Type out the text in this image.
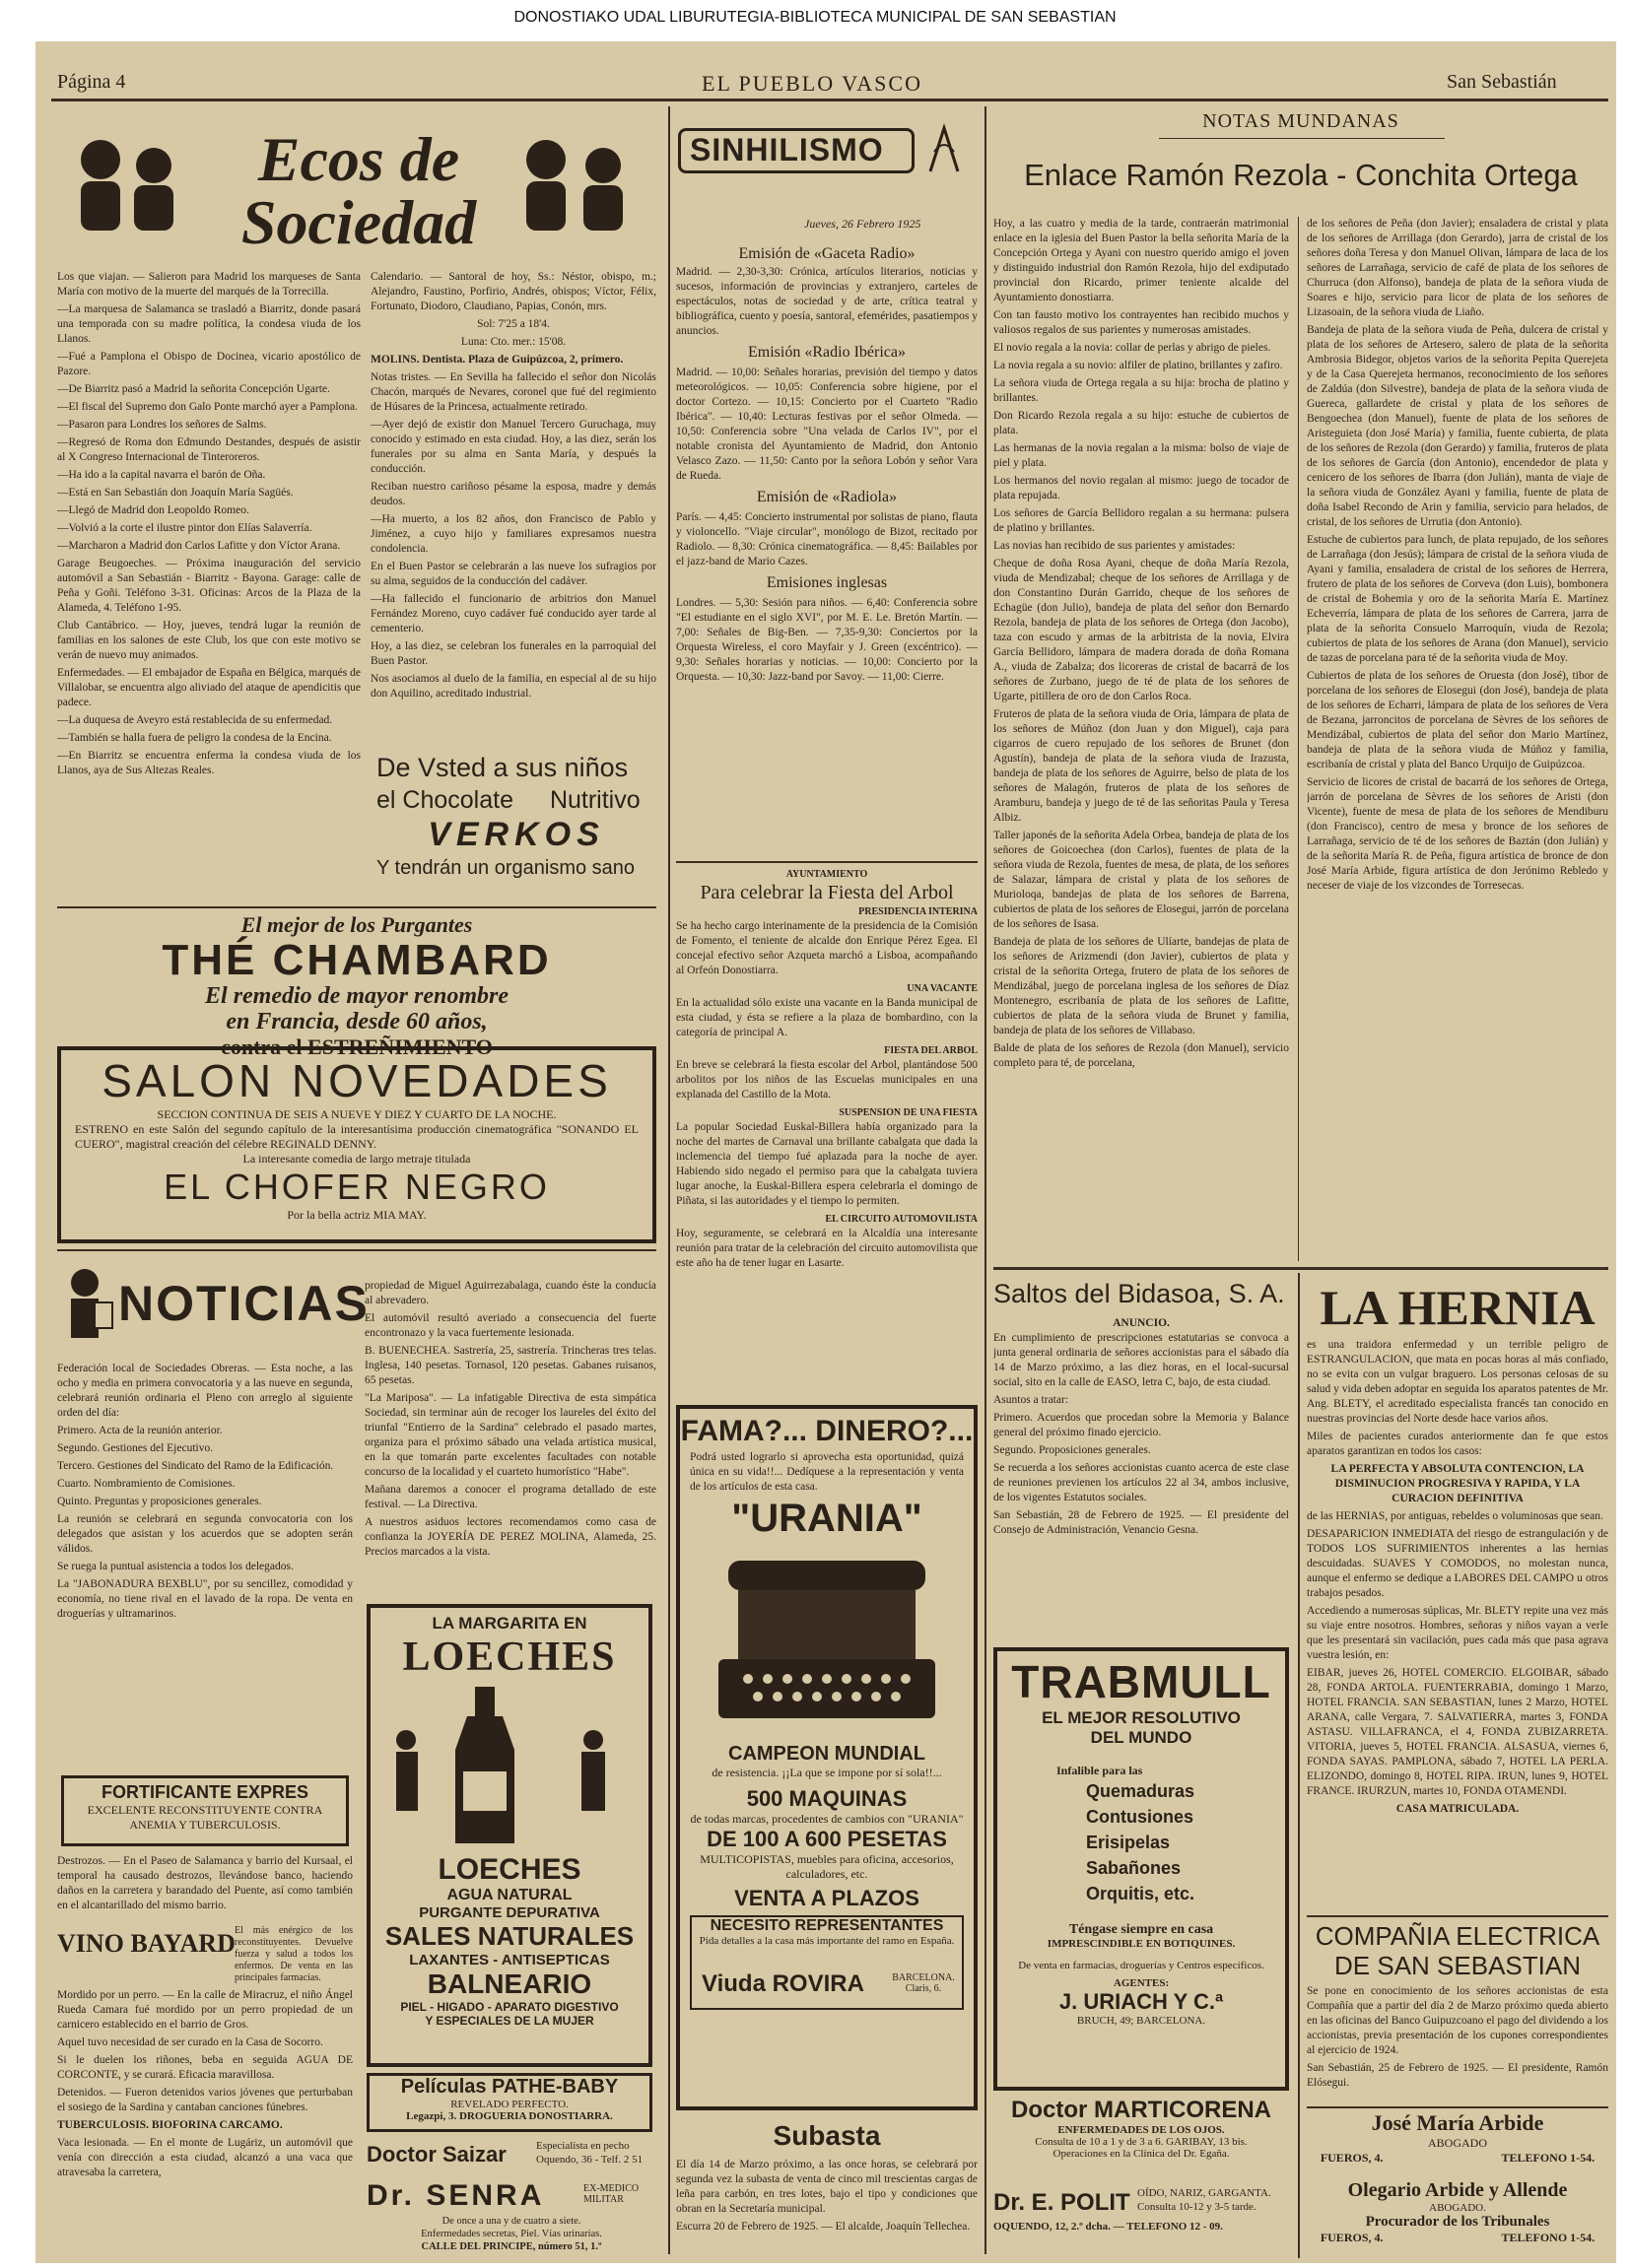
DONOSTIAKO UDAL LIBURUTEGIA-BIBLIOTECA MUNICIPAL DE SAN SEBASTIAN
Página 4	EL PUEBLO VASCO	San Sebastián
Ecos de Sociedad

Los que viajan. — Salieron para Madrid los marqueses de Santa María con motivo de la muerte del marqués de la Torrecilla.

—La marquesa de Salamanca se trasladó a Biarritz, donde pasará una temporada con su madre política, la condesa viuda de los Llanos.

—Fué a Pamplona el Obispo de Docinea, vicario apostólico de Pazore.

—De Biarritz pasó a Madrid la señorita Concepción Ugarte.

—El fiscal del Supremo don Galo Ponte marchó ayer a Pamplona.

—Pasaron para Londres los señores de Salms.

—Regresó de Roma don Edmundo Destandes, después de asistir al X Congreso Internacional de Tinteroreros.

—Ha ido a la capital navarra el barón de Oña.

—Está en San Sebastián don Joaquín María Sagüés.

—Llegó de Madrid don Leopoldo Romeo.

—Volvió a la corte el ilustre pintor don Elías Salaverría.

—Marcharon a Madrid don Carlos Lafitte y don Víctor Arana.

Garage Beugoeches. — Próxima inauguración del servicio automóvil a San Sebastián - Biarritz - Bayona. Garage: calle de Peña y Goñi. Teléfono 3-31. Oficinas: Arcos de la Plaza de la Alameda, 4. Teléfono 1-95.

Club Cantábrico. — Hoy, jueves, tendrá lugar la reunión de familias en los salones de este Club, los que con este motivo se verán de nuevo muy animados.

Enfermedades. — El embajador de España en Bélgica, marqués de Villalobar, se encuentra algo aliviado del ataque de apendicitis que padece.

—La duquesa de Aveyro está restablecida de su enfermedad.

—También se halla fuera de peligro la condesa de la Encina.

—En Biarritz se encuentra enferma la condesa viuda de los Llanos, aya de Sus Altezas Reales.

Calendario. — Santoral de hoy, Ss.: Néstor, obispo, m.; Alejandro, Faustino, Porfirio, Andrés, obispos; Víctor, Félix, Fortunato, Diodoro, Claudiano, Papias, Conón, mrs.

Sol: 7'25 a 18'4.

Luna: Cto. mer.: 15'08.

MOLINS. Dentista. Plaza de Guipúzcoa, 2, primero.

Notas tristes. — En Sevilla ha fallecido el señor don Nicolás Chacón, marqués de Nevares, coronel que fué del regimiento de Húsares de la Princesa, actualmente retirado.

—Ayer dejó de existir don Manuel Tercero Guruchaga, muy conocido y estimado en esta ciudad. Hoy, a las diez, serán los funerales por su alma en Santa María, y después la conducción.

Reciban nuestro cariñoso pésame la esposa, madre y demás deudos.

—Ha muerto, a los 82 años, don Francisco de Pablo y Jiménez, a cuyo hijo y familiares expresamos nuestra condolencia.

En el Buen Pastor se celebrarán a las nueve los sufragios por su alma, seguidos de la conducción del cadáver.

—Ha fallecido el funcionario de arbitrios don Manuel Fernández Moreno, cuyo cadáver fué conducido ayer tarde al cementerio.

Hoy, a las diez, se celebran los funerales en la parroquial del Buen Pastor.

Nos asociamos al duelo de la familia, en especial al de su hijo don Aquilino, acreditado industrial.

De Vsted a sus niños
el Chocolate Nutritivo
VERKOS
Y tendrán un organismo sano
El mejor de los Purgantes
THÉ CHAMBARD
El remedio de mayor renombre
en Francia, desde 60 años,
contra el ESTREÑIMIENTO
SALON NOVEDADES
SECCION CONTINUA DE SEIS A NUEVE Y DIEZ Y CUARTO DE LA NOCHE.
ESTRENO en este Salón del segundo capítulo de la interesantísima producción cinematográfica "SONANDO EL CUERO", magistral creación del célebre REGINALD DENNY.
La interesante comedia de largo metraje titulada
EL CHOFER NEGRO
Por la bella actriz MIA MAY.
NOTICIAS

Federación local de Sociedades Obreras. — Esta noche, a las ocho y media en primera convocatoria y a las nueve en segunda, celebrará reunión ordinaria el Pleno con arreglo al siguiente orden del día:

Primero. Acta de la reunión anterior.

Segundo. Gestiones del Ejecutivo.

Tercero. Gestiones del Sindicato del Ramo de la Edificación.

Cuarto. Nombramiento de Comisiones.

Quinto. Preguntas y proposiciones generales.

La reunión se celebrará en segunda convocatoria con los delegados que asistan y los acuerdos que se adopten serán válidos.

Se ruega la puntual asistencia a todos los delegados.

La "JABONADURA BEXBLU", por su sencillez, comodidad y economía, no tiene rival en el lavado de la ropa. De venta en droguerías y ultramarinos.

FORTIFICANTE EXPRES
EXCELENTE RECONSTITUYENTE CONTRA
ANEMIA Y TUBERCULOSIS.

Destrozos. — En el Paseo de Salamanca y barrio del Kursaal, el temporal ha causado destrozos, llevándose banco, haciendo daños en la carretera y barandado del Puente, así como también en el alcantarillado del mismo barrio.

VINO BAYARD El más enérgico de los reconstituyentes. Devuelve fuerza y salud a todos los enfermos. De venta en las principales farmacias.

Mordido por un perro. — En la calle de Miracruz, el niño Ángel Rueda Camara fué mordido por un perro propiedad de un carnicero establecido en el barrio de Gros.

Aquel tuvo necesidad de ser curado en la Casa de Socorro.

Si le duelen los riñones, beba en seguida AGUA DE CORCONTE, y se curará. Eficacia maravillosa.

Detenidos. — Fueron detenidos varios jóvenes que perturbaban el sosiego de la Sardina y cantaban canciones fúnebres.

TUBERCULOSIS. BIOFORINA CARCAMO.

Vaca lesionada. — En el monte de Lugáriz, un automóvil que venía con dirección a esta ciudad, alcanzó a una vaca que atravesaba la carretera,

propiedad de Miguel Aguirrezabalaga, cuando éste la conducía al abrevadero.

El automóvil resultó averiado a consecuencia del fuerte encontronazo y la vaca fuertemente lesionada.

B. BUENECHEA. Sastrería, 25, sastrería. Trincheras tres telas. Inglesa, 140 pesetas. Tornasol, 120 pesetas. Gabanes ruisanos, 65 pesetas.

"La Mariposa". — La infatigable Directiva de esta simpática Sociedad, sin terminar aún de recoger los laureles del éxito del triunfal "Entierro de la Sardina" celebrado el pasado martes, organiza para el próximo sábado una velada artística musical, en la que tomarán parte excelentes facultades con notable concurso de la localidad y el cuarteto humorístico "Habe".

Mañana daremos a conocer el programa detallado de este festival. — La Directiva.

A nuestros asiduos lectores recomendamos como casa de confianza la JOYERÍA DE PEREZ MOLINA, Alameda, 25. Precios marcados a la vista.

LA MARGARITA EN
LOECHES
LOECHES
AGUA NATURAL
PURGANTE DEPURATIVA
SALES NATURALES
LAXANTES - ANTISEPTICAS
BALNEARIO
PIEL - HIGADO - APARATO DIGESTIVO
Y ESPECIALES DE LA MUJER
Películas PATHE-BABY
REVELADO PERFECTO.
Legazpi, 3. DROGUERIA DONOSTIARRA.
Doctor Saizar	Especialista en pecho
Oquendo, 36 - Telf. 2 51
Dr. SENRA	EX-MEDICO MILITAR
De once a una y de cuatro a siete.
Enfermedades secretas, Piel. Vías urinarias.
CALLE DEL PRINCIPE, número 51, 1.º
SINHILISMO
Jueves, 26 Febrero 1925
Emisión de «Gaceta Radio»

Madrid. — 2,30-3,30: Crónica, artículos literarios, noticias y sucesos, información de provincias y extranjero, carteles de espectáculos, notas de sociedad y de arte, crítica teatral y bibliográfica, cuento y poesía, santoral, efemérides, pasatiempos y anuncios.

Emisión «Radio Ibérica»

Madrid. — 10,00: Señales horarias, previsión del tiempo y datos meteorológicos. — 10,05: Conferencia sobre higiene, por el doctor Cortezo. — 10,15: Concierto por el Cuarteto "Radio Ibérica". — 10,40: Lecturas festivas por el señor Olmeda. — 10,50: Conferencia sobre "Una velada de Carlos IV", por el notable cronista del Ayuntamiento de Madrid, don Antonio Velasco Zazo. — 11,50: Canto por la señora Lobón y señor Vara de Rueda.

Emisión de «Radiola»

París. — 4,45: Concierto instrumental por solistas de piano, flauta y violoncello. "Viaje circular", monólogo de Bizot, recitado por Radiolo. — 8,30: Crónica cinematográfica. — 8,45: Bailables por el jazz-band de Mario Cazes.

Emisiones inglesas

Londres. — 5,30: Sesión para niños. — 6,40: Conferencia sobre "El estudiante en el siglo XVI", por M. E. Le. Bretón Martín. — 7,00: Señales de Big-Ben. — 7,35-9,30: Conciertos por la Orquesta Wireless, el coro Mayfair y J. Green (excéntrico). — 9,30: Señales horarias y noticias. — 10,00: Concierto por la Orquesta. — 10,30: Jazz-band por Savoy. — 11,00: Cierre.

AYUNTAMIENTO
Para celebrar la Fiesta del Arbol
PRESIDENCIA INTERINA

Se ha hecho cargo interinamente de la presidencia de la Comisión de Fomento, el teniente de alcalde don Enrique Pérez Egea. El concejal efectivo señor Azqueta marchó a Lisboa, acompañando al Orfeón Donostiarra.

UNA VACANTE

En la actualidad sólo existe una vacante en la Banda municipal de esta ciudad, y ésta se refiere a la plaza de bombardino, con la categoría de principal A.

FIESTA DEL ARBOL

En breve se celebrará la fiesta escolar del Arbol, plantándose 500 arbolitos por los niños de las Escuelas municipales en una explanada del Castillo de la Mota.

SUSPENSION DE UNA FIESTA

La popular Sociedad Euskal-Billera había organizado para la noche del martes de Carnaval una brillante cabalgata que dada la inclemencia del tiempo fué aplazada para la noche de ayer. Habiendo sido negado el permiso para que la cabalgata tuviera lugar anoche, la Euskal-Billera espera celebrarla el domingo de Piñata, si las autoridades y el tiempo lo permiten.

EL CIRCUITO AUTOMOVILISTA

Hoy, seguramente, se celebrará en la Alcaldía una interesante reunión para tratar de la celebración del circuito automovilista que este año ha de tener lugar en Lasarte.

FAMA?... DINERO?...
Podrá usted lograrlo si aprovecha esta oportunidad, quizá única en su vida!!... Dedíquese a la representación y venta de los artículos de esta casa.
"URANIA"
CAMPEON MUNDIAL
de resistencia. ¡¡La que se impone por sí sola!!...
500 MAQUINAS
de todas marcas, procedentes de cambios con "URANIA"
DE 100 A 600 PESETAS
MULTICOPISTAS, muebles para oficina, accesorios, calculadores, etc.
VENTA A PLAZOS
NECESITO REPRESENTANTES
Pida detalles a la casa más importante del ramo en España.
Viuda ROVIRA	BARCELONA. Claris, 6.
Subasta

El día 14 de Marzo próximo, a las once horas, se celebrará por segunda vez la subasta de venta de cinco mil trescientas cargas de leña para carbón, en tres lotes, bajo el tipo y condiciones que obran en la Secretaría municipal.

Escurra 20 de Febrero de 1925. — El alcalde, Joaquín Tellechea.

NOTAS MUNDANAS
Enlace Ramón Rezola - Conchita Ortega

Hoy, a las cuatro y media de la tarde, contraerán matrimonial enlace en la iglesia del Buen Pastor la bella señorita María de la Concepción Ortega y Ayani con nuestro querido amigo el joven y distinguido industrial don Ramón Rezola, hijo del exdiputado provincial don Ricardo, primer teniente alcalde del Ayuntamiento donostiarra.

Con tan fausto motivo los contrayentes han recibido muchos y valiosos regalos de sus parientes y numerosas amistades.

El novio regala a la novia: collar de perlas y abrigo de pieles.

La novia regala a su novio: alfiler de platino, brillantes y zafiro.

La señora viuda de Ortega regala a su hija: brocha de platino y brillantes.

Don Ricardo Rezola regala a su hijo: estuche de cubiertos de plata.

Las hermanas de la novia regalan a la misma: bolso de viaje de piel y plata.

Los hermanos del novio regalan al mismo: juego de tocador de plata repujada.

Los señores de García Bellidoro regalan a su hermana: pulsera de platino y brillantes.

Las novias han recibido de sus parientes y amistades:

Cheque de doña Rosa Ayani, cheque de doña María Rezola, viuda de Mendizabal; cheque de los señores de Arrillaga y de don Constantino Durán Garrido, cheque de los señores de Echagüe (don Julio), bandeja de plata del señor don Bernardo Rezola, bandeja de plata de los señores de Ortega (don Jacobo), taza con escudo y armas de la arbitrista de la novia, Elvira García Bellidoro, lámpara de madera dorada de doña Romana A., viuda de Zabalza; dos licoreras de cristal de bacarrá de los señores de Zurbano, juego de té de plata de los señores de Ugarte, pitillera de oro de don Carlos Roca.

Fruteros de plata de la señora viuda de Oria, lámpara de plata de los señores de Múñoz (don Juan y don Miguel), caja para cigarros de cuero repujado de los señores de Brunet (don Agustín), bandeja de plata de la señora viuda de Irazusta, bandeja de plata de los señores de Aguirre, belso de plata de los señores de Malagón, fruteros de plata de los señores de Aramburu, bandeja y juego de té de las señoritas Paula y Teresa Albiz.

Taller japonés de la señorita Adela Orbea, bandeja de plata de los señores de Goicoechea (don Carlos), fuentes de plata de la señora viuda de Rezola, fuentes de mesa, de plata, de los señores de Salazar, lámpara de cristal y plata de los señores de Murioloqa, bandejas de plata de los señores de Barrena, cubiertos de plata de los señores de Elosegui, jarrón de porcelana de los señores de Isasa.

Bandeja de plata de los señores de Ulíarte, bandejas de plata de los señores de Arizmendi (don Javier), cubiertos de plata y cristal de la señorita Ortega, frutero de plata de los señores de Mendizábal, juego de porcelana inglesa de los señores de Díaz Montenegro, escribanía de plata de los señores de Lafitte, cubiertos de plata de la señora viuda de Brunet y familia, bandeja de plata de los señores de Villabaso.

Balde de plata de los señores de Rezola (don Manuel), servicio completo para té, de porcelana,

de los señores de Peña (don Javier); ensaladera de cristal y plata de los señores de Arrillaga (don Gerardo), jarra de cristal de los señores doña Teresa y don Manuel Olivan, lámpara de laca de los señores de Larrañaga, servicio de café de plata de los señores de Churruca (don Alfonso), bandeja de plata de la señora viuda de Soares e hijo, servicio para licor de plata de los señores de Lizasoain, de la señora viuda de Liaño.

Bandeja de plata de la señora viuda de Peña, dulcera de cristal y plata de los señores de Artesero, salero de plata de la señorita Ambrosia Bidegor, objetos varios de la señorita Pepita Querejeta y de la Casa Querejeta hermanos, reconocimiento de los señores de Zaldúa (don Silvestre), bandeja de plata de la señora viuda de Guereca, gallardete de cristal y plata de los señores de Bengoechea (don Manuel), fuente de plata de los señores de Aristeguieta (don José María) y familia, fuente cubierta, de plata de los señores de Rezola (don Gerardo) y familia, fruteros de plata de los señores de García (don Antonio), encendedor de plata y cenicero de los señores de Ibarra (don Julián), manta de viaje de la señora viuda de González Ayani y familia, fuente de plata de doña Isabel Recondo de Arin y familia, servicio para helados, de cristal, de los señores de Urrutia (don Antonio).

Estuche de cubiertos para lunch, de plata repujado, de los señores de Larrañaga (don Jesús); lámpara de cristal de la señora viuda de Ayani y familia, ensaladera de cristal de los señores de Herrera, frutero de plata de los señores de Corveva (don Luis), bombonera de cristal de Bohemia y oro de la señorita María E. Martínez Echeverría, lámpara de plata de los señores de Carrera, jarra de plata de la señorita Consuelo Marroquín, viuda de Rezola; cubiertos de plata de los señores de Arana (don Manuel), servicio de tazas de porcelana para té de la señorita viuda de Moy.

Cubiertos de plata de los señores de Oruesta (don José), tibor de porcelana de los señores de Elosegui (don José), bandeja de plata de los señores de Echarri, lámpara de plata de los señores de Vera de Bezana, jarroncitos de porcelana de Sèvres de los señores de Mendizábal, cubiertos de plata del señor don Mario Martínez, bandeja de plata de la señora viuda de Múñoz y familia, escribanía de cristal y plata del Banco Urquijo de Guipúzcoa.

Servicio de licores de cristal de bacarrá de los señores de Ortega, jarrón de porcelana de Sèvres de los señores de Aristi (don Vicente), fuente de mesa de plata de los señores de Mendiburu (don Francisco), centro de mesa y bronce de los señores de Larrañaga, servicio de té de los señores de Baztán (don Julián) y de la señorita María R. de Peña, figura artística de bronce de don José María Arbide, figura artística de don Jerónimo Rebledo y neceser de viaje de los vizcondes de Torresecas.

Saltos del Bidasoa, S. A.
ANUNCIO.

En cumplimiento de prescripciones estatutarias se convoca a junta general ordinaria de señores accionistas para el sábado día 14 de Marzo próximo, a las diez horas, en el local-sucursal social, sito en la calle de EASO, letra C, bajo, de esta ciudad.

Asuntos a tratar:

Primero. Acuerdos que procedan sobre la Memoria y Balance general del próximo finado ejercicio.

Segundo. Proposiciones generales.

Se recuerda a los señores accionistas cuanto acerca de este clase de reuniones previenen los artículos 22 al 34, ambos inclusive, de los vigentes Estatutos sociales.

San Sebastián, 28 de Febrero de 1925. — El presidente del Consejo de Administración, Venancio Gesna.

TRABMULL
EL MEJOR RESOLUTIVO
DEL MUNDO
Infalible para las
Quemaduras
Contusiones
Erisipelas
Sabañones
Orquitis, etc.
Téngase siempre en casa
IMPRESCINDIBLE EN BOTIQUINES.
De venta en farmacias, droguerías y Centros específicos.
AGENTES:
J. URIACH Y C.ª
BRUCH, 49; BARCELONA.
Doctor MARTICORENA
ENFERMEDADES DE LOS OJOS.
Consulta de 10 a 1 y de 3 a 6. GARIBAY, 13 bis.
Operaciones en la Clínica del Dr. Egaña.
Dr. E. POLIT OÍDO, NARIZ, GARGANTA.
Consulta 10-12 y 3-5 tarde.
OQUENDO, 12, 2.º dcha. — TELEFONO 12 - 09.
LA HERNIA

es una traidora enfermedad y un terrible peligro de ESTRANGULACION, que mata en pocas horas al más confiado, no se evita con un vulgar braguero. Los personas celosas de su salud y vida deben adoptar en seguida los aparatos patentes de Mr. Ang. BLETY, el acreditado especialista francés tan conocido en nuestras provincias del Norte desde hace varios años.

Miles de pacientes curados anteriormente dan fe que estos aparatos garantizan en todos los casos:

LA PERFECTA Y ABSOLUTA CONTENCION, LA DISMINUCION PROGRESIVA Y RAPIDA, Y LA CURACION DEFINITIVA

de las HERNIAS, por antiguas, rebeldes o voluminosas que sean.

DESAPARICION INMEDIATA del riesgo de estrangulación y de TODOS LOS SUFRIMIENTOS inherentes a las hernias descuidadas. SUAVES Y COMODOS, no molestan nunca, aunque el enfermo se dedique a LABORES DEL CAMPO u otros trabajos pesados.

Accediendo a numerosas súplicas, Mr. BLETY repite una vez más su viaje entre nosotros. Hombres, señoras y niños vayan a verle que les presentará sin vacilación, pues cada más que pasa agrava vuestra lesión, en:

EIBAR, jueves 26, HOTEL COMERCIO. ELGOIBAR, sábado 28, FONDA ARTOLA. FUENTERRABIA, domingo 1 Marzo, HOTEL FRANCIA. SAN SEBASTIAN, lunes 2 Marzo, HOTEL ARANA, calle Vergara, 7. SALVATIERRA, martes 3, FONDA ASTASU. VILLAFRANCA, el 4, FONDA ZUBIZARRETA. VITORIA, jueves 5, HOTEL FRANCIA. ALSASUA, viernes 6, FONDA SAYAS. PAMPLONA, sábado 7, HOTEL LA PERLA. ELIZONDO, domingo 8, HOTEL RIPA. IRUN, lunes 9, HOTEL FRANCE. IRURZUN, martes 10, FONDA OTAMENDI.

CASA MATRICULADA.

COMPAÑIA ELECTRICA
DE SAN SEBASTIAN

Se pone en conocimiento de los señores accionistas de esta Compañía que a partir del día 2 de Marzo próximo queda abierto en las oficinas del Banco Guipuzcoano el pago del dividendo a los accionistas, previa presentación de los cupones correspondientes al ejercicio de 1924.

San Sebastián, 25 de Febrero de 1925. — El presidente, Ramón Elósegui.

José María Arbide
ABOGADO
FUEROS, 4.	TELEFONO 1-54.
Olegario Arbide y Allende
ABOGADO.
Procurador de los Tribunales
FUEROS, 4.	TELEFONO 1-54.
